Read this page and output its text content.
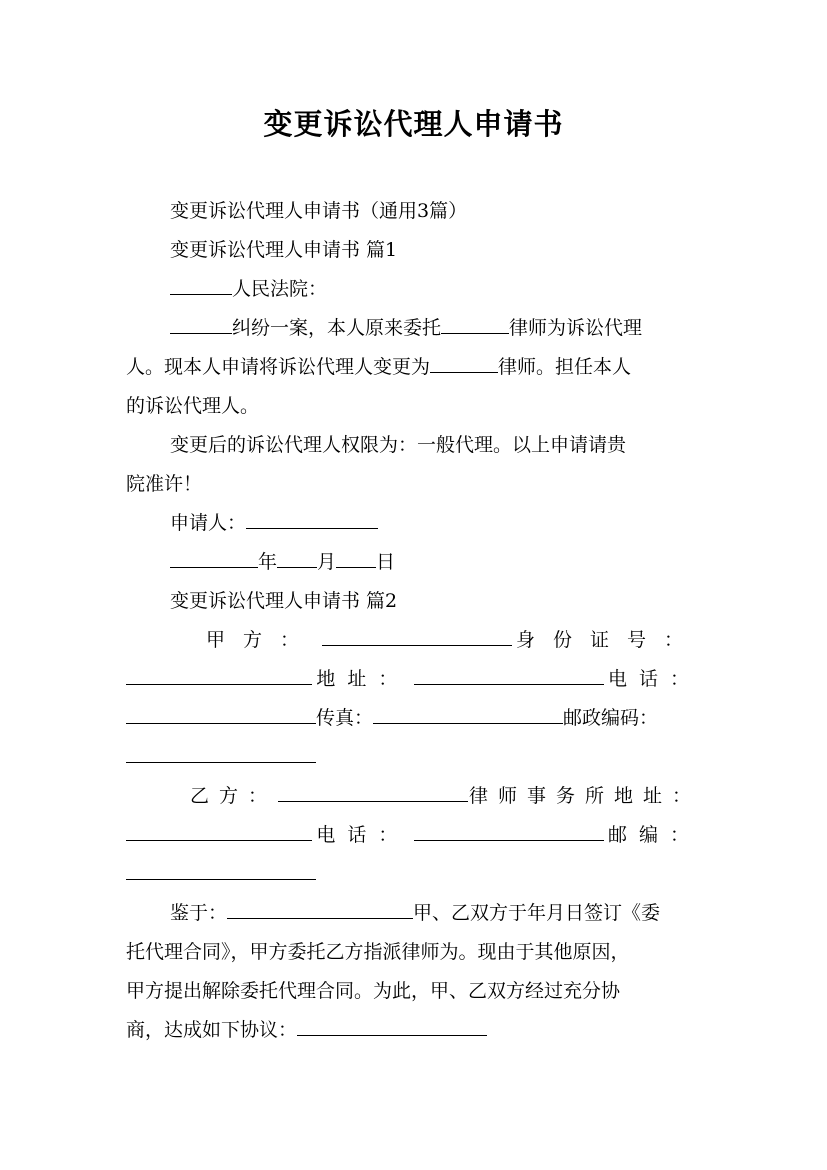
变更诉讼代理人申请书
变更诉讼代理人申请书（通用3篇）
变更诉讼代理人申请书 篇1
人民法院：
纠纷一案，本人原来委托	律师为诉讼代理
人。现本人申请将诉讼代理人变更为	律师。担任本人
的诉讼代理人。
变更后的诉讼代理人权限为：一般代理。以上申请请贵
院准许！
申请人：
年 月 日
变更诉讼代理人申请书 篇2
甲方：	身份证号：
地址：	电话：
传真：	邮政编码：
乙方：	律师事务所地址：
电话：	邮编：
鉴于：	甲、乙双方于年月日签订《委
托代理合同》，甲方委托乙方指派律师为。现由于其他原因，
甲方提出解除委托代理合同。为此，甲、乙双方经过充分协
商，达成如下协议：
